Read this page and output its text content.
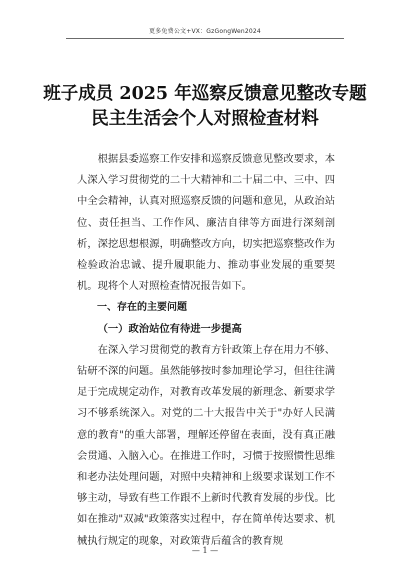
更多免费公文+VX：GzGongWen2024
班子成员 2025 年巡察反馈意见整改专题
民主生活会个人对照检查材料

根据县委巡察工作安排和巡察反馈意见整改要求，本人深入学习贯彻党的二十大精神和二十届二中、三中、四中全会精神，认真对照巡察反馈的问题和意见，从政治站位、责任担当、工作作风、廉洁自律等方面进行深刻剖析，深挖思想根源，明确整改方向，切实把巡察整改作为检验政治忠诚、提升履职能力、推动事业发展的重要契机。现将个人对照检查情况报告如下。

一、存在的主要问题

（一）政治站位有待进一步提高

在深入学习贯彻党的教育方针政策上存在用力不够、钻研不深的问题。虽然能够按时参加理论学习，但往往满足于完成规定动作，对教育改革发展的新理念、新要求学习不够系统深入。对党的二十大报告中关于"办好人民满意的教育"的重大部署，理解还停留在表面，没有真正融会贯通、入脑入心。在推进工作时，习惯于按照惯性思维和老办法处理问题，对照中央精神和上级要求谋划工作不够主动，导致有些工作跟不上新时代教育发展的步伐。比如在推动"双减"政策落实过程中，存在简单传达要求、机械执行规定的现象，对政策背后蕴含的教育规

— 1 —
